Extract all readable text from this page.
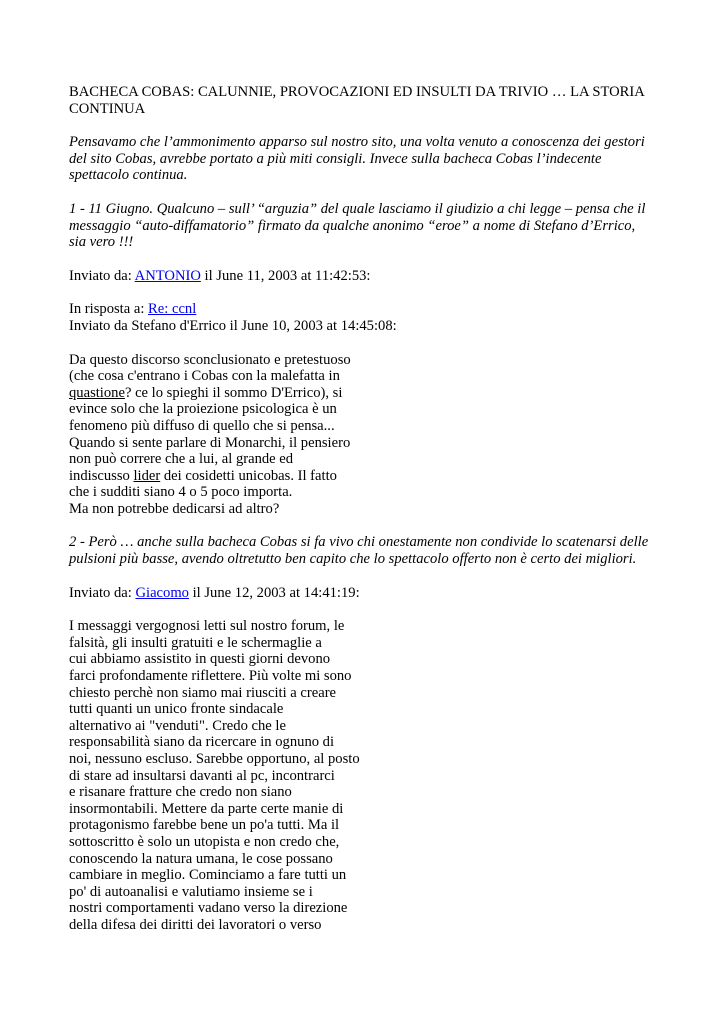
BACHECA COBAS: CALUNNIE, PROVOCAZIONI ED INSULTI DA TRIVIO … LA STORIA
CONTINUA
Pensavamo che l’ammonimento apparso sul nostro sito, una volta venuto a conoscenza dei gestori
del sito Cobas, avrebbe portato a più miti consigli. Invece sulla bacheca Cobas l’indecente
spettacolo continua.
1 - 11 Giugno. Qualcuno – sull’ “arguzia” del quale lasciamo il giudizio a chi legge – pensa che il
messaggio “auto-diffamatorio” firmato da qualche anonimo “eroe” a nome di Stefano d’Errico,
sia vero !!!
Inviato da: ANTONIO il June 11, 2003 at 11:42:53:
In risposta a: Re: ccnl
Inviato da Stefano d'Errico il June 10, 2003 at 14:45:08:
Da questo discorso sconclusionato e pretestuoso
(che cosa c'entrano i Cobas con la malefatta in
quastione? ce lo spieghi il sommo D'Errico), si
evince solo che la proiezione psicologica è un
fenomeno più diffuso di quello che si pensa...
Quando si sente parlare di Monarchi, il pensiero
non può correre che a lui, al grande ed
indiscusso lider dei cosidetti unicobas. Il fatto
che i sudditi siano 4 o 5 poco importa.
Ma non potrebbe dedicarsi ad altro?
2 - Però … anche sulla bacheca Cobas si fa vivo chi onestamente non condivide lo scatenarsi delle
pulsioni più basse, avendo oltretutto ben capito che lo spettacolo offerto non è certo dei migliori.
Inviato da: Giacomo il June 12, 2003 at 14:41:19:
I messaggi vergognosi letti sul nostro forum, le
falsità, gli insulti gratuiti e le schermaglie a
cui abbiamo assistito in questi giorni devono
farci profondamente riflettere. Più volte mi sono
chiesto perchè non siamo mai riusciti a creare
tutti quanti un unico fronte sindacale
alternativo ai "venduti". Credo che le
responsabilità siano da ricercare in ognuno di
noi, nessuno escluso. Sarebbe opportuno, al posto
di stare ad insultarsi davanti al pc, incontrarci
e risanare fratture che credo non siano
insormontabili. Mettere da parte certe manie di
protagonismo farebbe bene un po'a tutti. Ma il
sottoscritto è solo un utopista e non credo che,
conoscendo la natura umana, le cose possano
cambiare in meglio. Cominciamo a fare tutti un
po' di autoanalisi e valutiamo insieme se i
nostri comportamenti vadano verso la direzione
della difesa dei diritti dei lavoratori o verso
